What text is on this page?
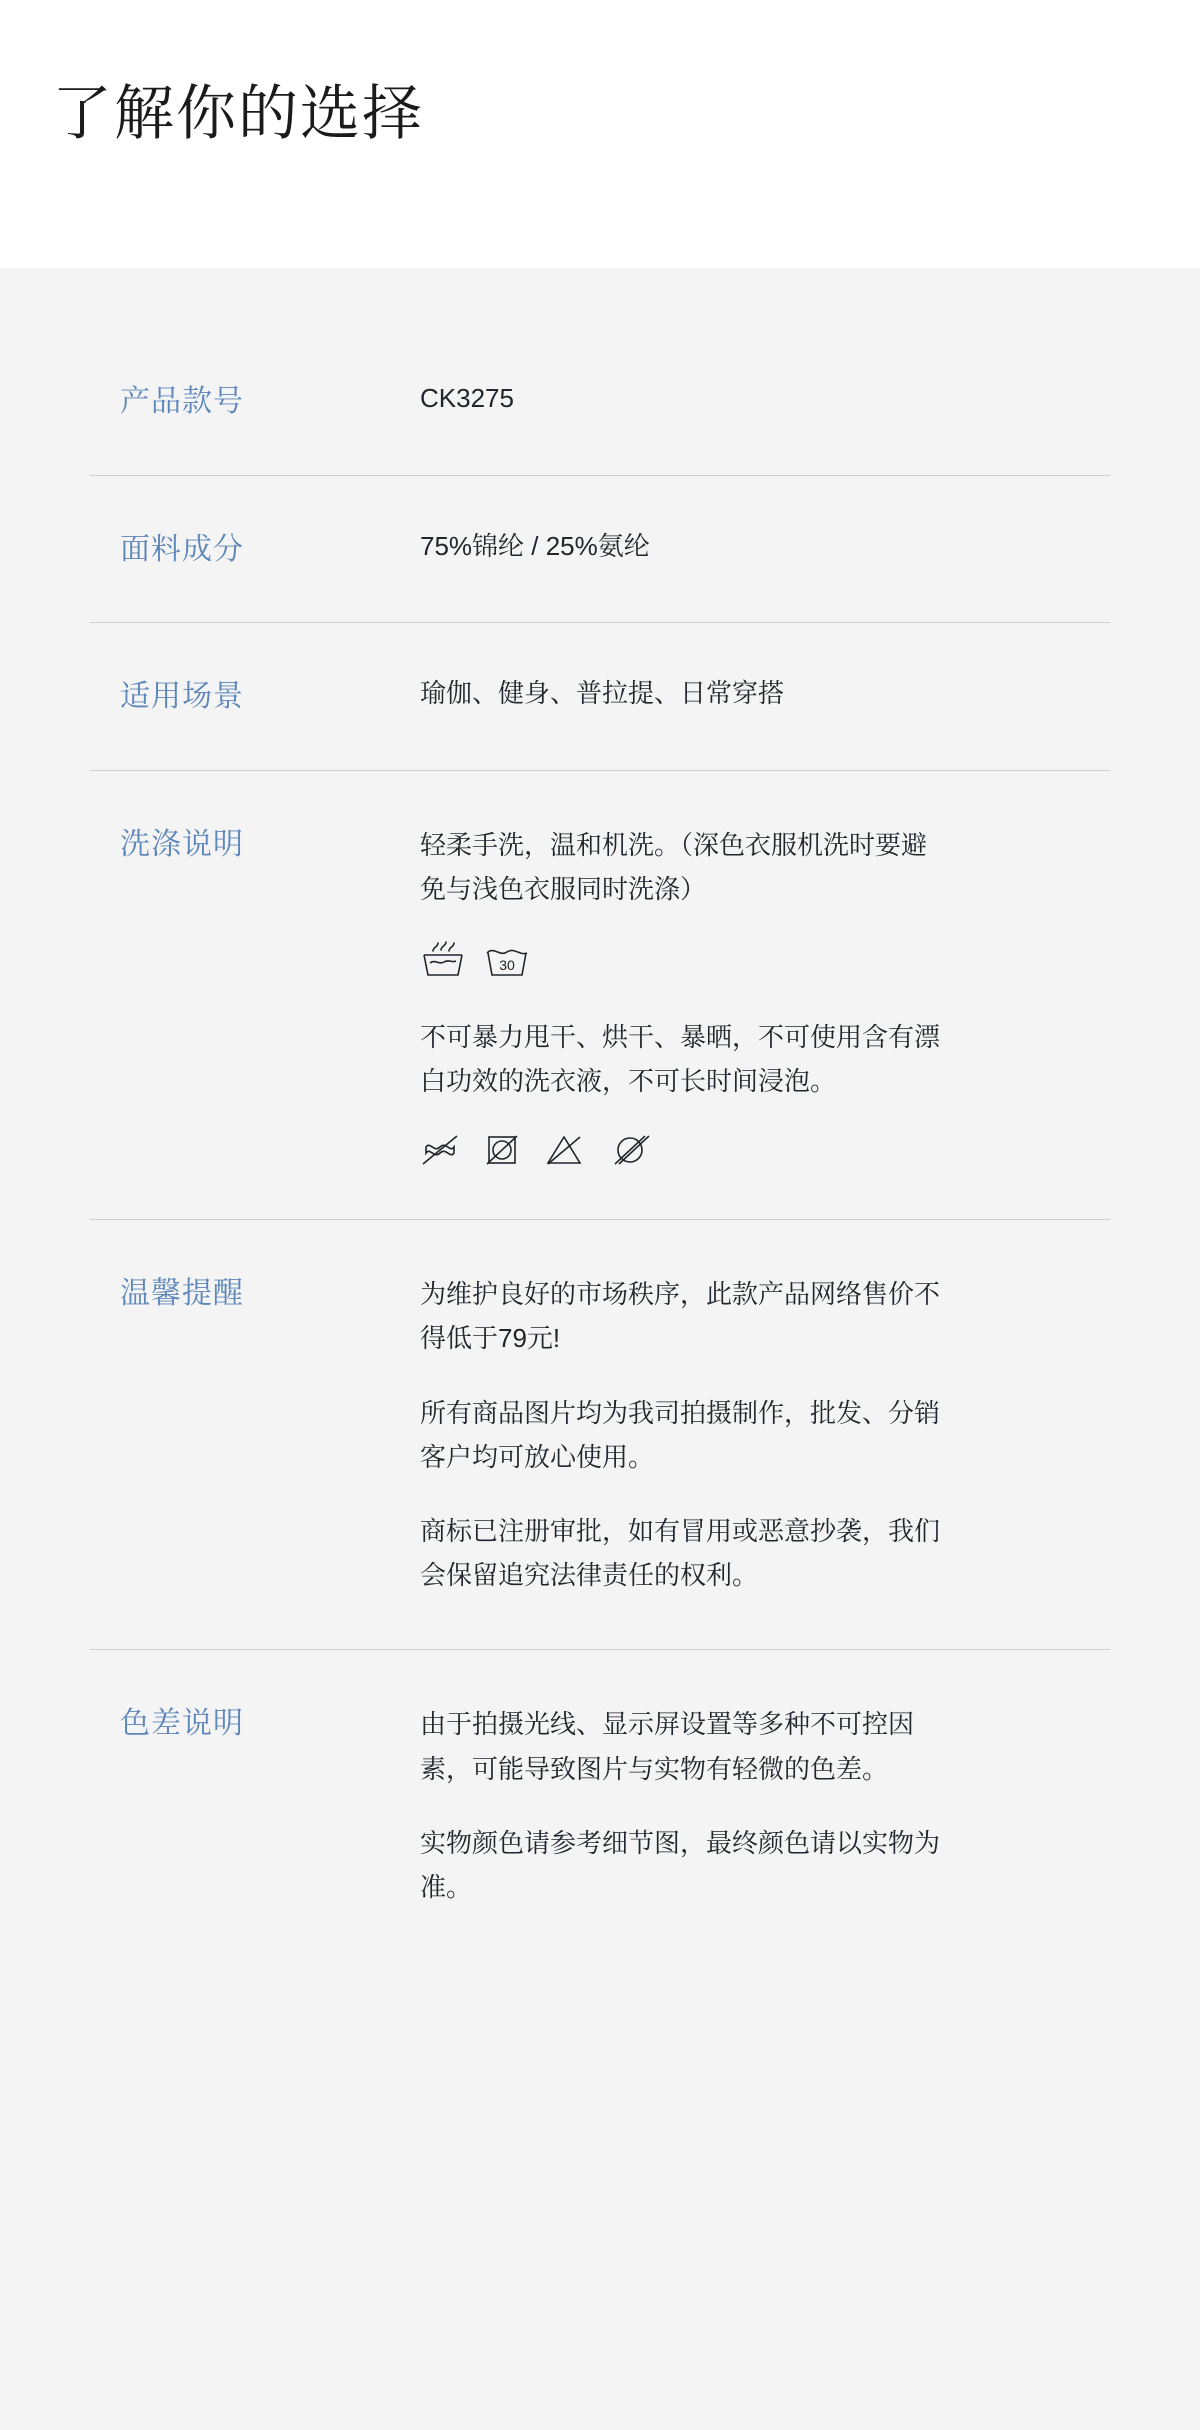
了解你的选择
产品款号	CK3275

面料成分	75%锦纶 / 25%氨纶

适用场景	瑜伽、健身、普拉提、日常穿搭

洗涤说明	轻柔手洗，温和机洗。（深色衣服机洗时要避免与浅色衣服同时洗涤）

30

不可暴力甩干、烘干、暴晒，不可使用含有漂白功效的洗衣液，不可长时间浸泡。

温馨提醒	为维护良好的市场秩序，此款产品网络售价不得低于79元!

所有商品图片均为我司拍摄制作，批发、分销客户均可放心使用。

商标已注册审批，如有冒用或恶意抄袭，我们会保留追究法律责任的权利。

色差说明	由于拍摄光线、显示屏设置等多种不可控因素，可能导致图片与实物有轻微的色差。

实物颜色请参考细节图，最终颜色请以实物为准。
